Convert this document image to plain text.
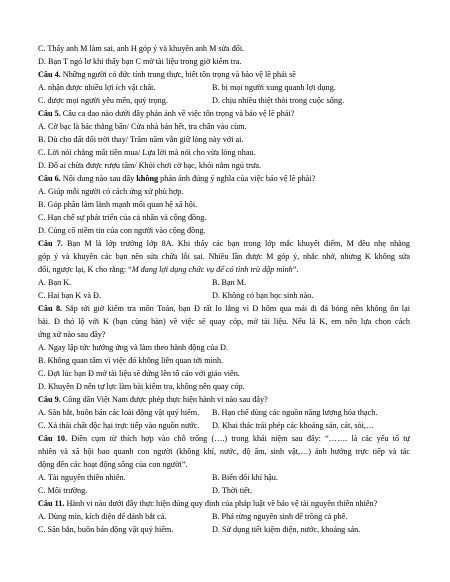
C. Thấy anh M làm sai, anh H góp ý và khuyên anh M sửa đổi.
D. Bạn T ngó lơ khi thấy bạn C mở tài liệu trong giờ kiểm tra.
Câu 4. Những người có đức tính trung thực, biết tôn trọng và bảo vệ lẽ phải sẽ
A. nhận được nhiều lợi ích vật chất.	B. bị mọi người xung quanh lợi dụng.
C. được mọi người yêu mến, quý trọng.	D. chịu nhiều thiệt thòi trong cuộc sống.
Câu 5. Câu ca dao nào dưới đây phản ánh về việc tôn trọng và bảo vệ lẽ phải?
A. Cờ bạc là bác thằng bần/ Cửa nhà bán hết, tra chân vào cùm.
B. Dù cho đất đổi trời thay/ Trăm năm vẫn giữ lòng này với ai.
C. Lời nói chẳng mất tiền mua/ Lựa lời mà nói cho vừa lòng nhau.
D. Đố ai chừa được rượu tăm/ Khỏi chơi cờ bạc, khỏi nằm ngủ trưa.
Câu 6. Nội dung nào sau đây không phản ánh đúng ý nghĩa của việc bảo vệ lẽ phải?
A. Giúp mỗi người có cách ứng xử phù hợp.
B. Góp phần làm lành mạnh mối quan hệ xã hội.
C. Hạn chế sự phát triển của cá nhân và cộng đồng.
D. Củng cố niềm tin của con người vào cộng đồng.
Câu 7. Bạn M là lớp trưởng lớp 8A. Khi thấy các bạn trong lớp mắc khuyết điểm, M đều nhẹ nhàng
góp ý và khuyên các bạn nên sửa chữa lỗi sai. Nhiều lần được M góp ý, nhắc nhở, nhưng K không sửa
đổi, ngược lại, K cho rằng: “M đang lợi dụng chức vụ để có tình trù dập mình”.
A. Bạn K.	B. Bạn M.
C. Hai bạn K và Đ.	D. Không có bạn học sinh nào.
Câu 8. Sắp tới giờ kiểm tra môn Toán, bạn Đ rất lo lắng vì Đ hôm qua mải đi đá bóng nên không ôn lại
bài. Đ thỏ lộ với K (bạn cùng bàn) về việc sẽ quay cóp, mở tài liệu. Nếu là K, em nên lựa chọn cách
ứng xử nào sau đây?
A. Ngay lập tức hướng ứng và làm theo hành động của Đ.
B. Không quan tâm vì việc đó không liên quan tới mình.
C. Đợi lúc bạn Đ mở tài liệu sẽ đứng lên tố cáo với giáo viên.
D. Khuyên Đ nên tự lực làm bài kiểm tra, không nên quay cóp.
Câu 9. Công dân Việt Nam được phép thực hiện hành vi nào sau đây?
A. Săn bắt, buôn bán các loài động vật quý hiếm. B. Hạn chế dùng các nguồn năng lượng hóa thạch.
C. Xả thải chất độc hại trực tiếp vào nguồn nước. D. Khai thác trái phép các khoáng sản, cát, sỏi,…
Câu 10. Điền cụm từ thích hợp vào chỗ trống (….) trong khái niệm sau đây: “……. là các yếu tố tự
nhiên và xã hội bao quanh con người (không khí, nước, độ ẩm, sinh vật,…) ảnh hưởng trực tiếp và tác
động đến các hoạt động sống của con người”.
A. Tài nguyên thiên nhiên.	B. Biến đổi khí hậu.
C. Môi trường.	D. Thời tiết.
Câu 11. Hành vi nào dưới đây thực hiện đúng quy định của pháp luật về bảo vệ tài nguyên thiên nhiên?
A. Dùng mìn, kích điện để đánh bắt cá.	B. Phá rừng nguyên sinh để trồng cà phê.
C. Săn bắn, buôn bán động vật quý hiếm.	D. Sử dụng tiết kiệm điện, nước, khoáng sản.
